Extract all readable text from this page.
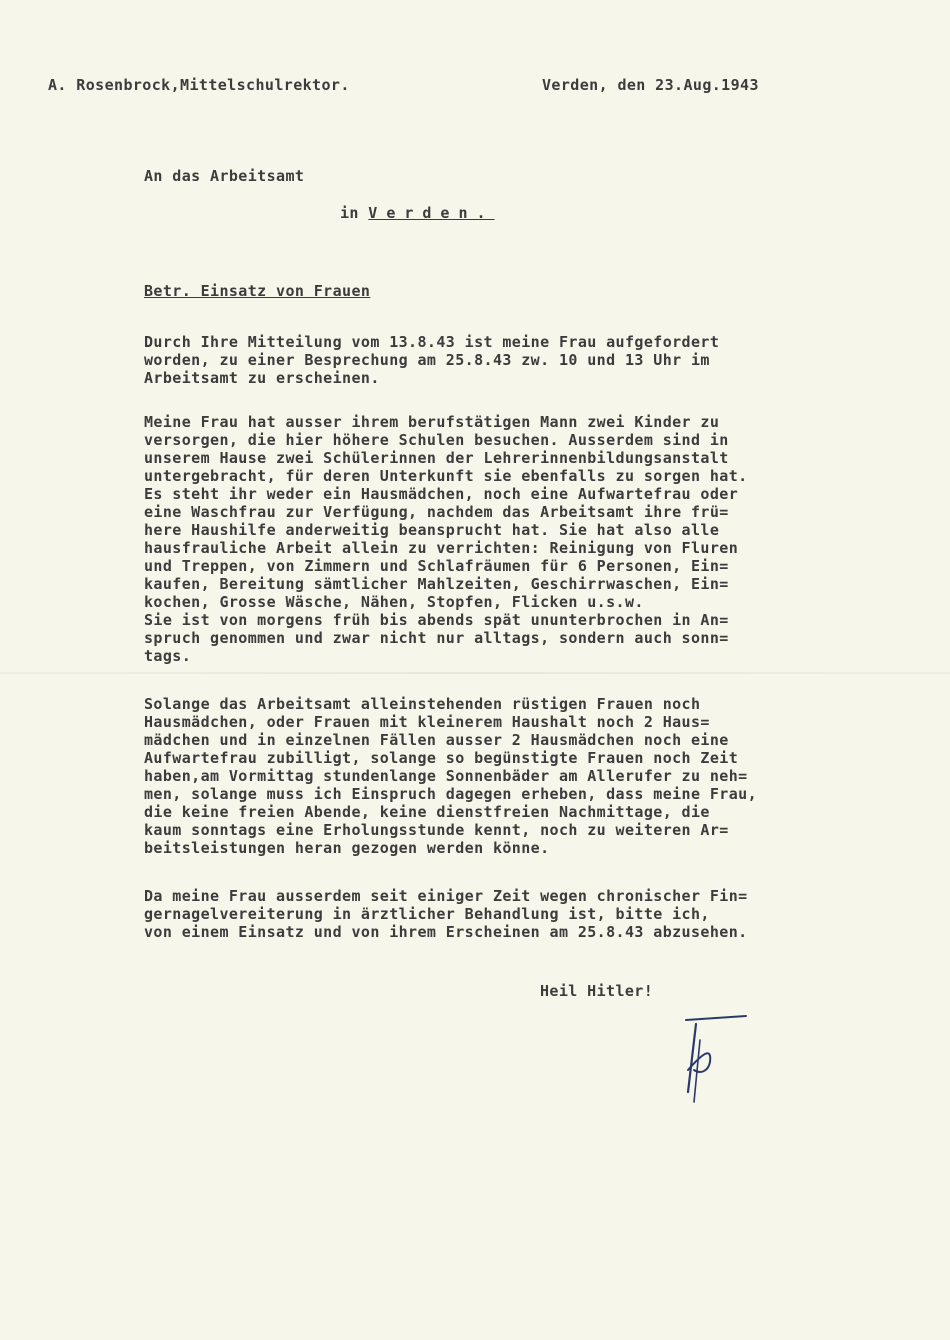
A. Rosenbrock,Mittelschulrektor.	Verden, den 23.Aug.1943
An das Arbeitsamt
in Verden.
Betr. Einsatz von Frauen
Durch Ihre Mitteilung vom 13.8.43 ist meine Frau aufgefordert
worden, zu einer Besprechung am 25.8.43 zw. 10 und 13 Uhr im
Arbeitsamt zu erscheinen.
Meine Frau hat ausser ihrem berufstätigen Mann zwei Kinder zu
versorgen, die hier höhere Schulen besuchen. Ausserdem sind in
unserem Hause zwei Schülerinnen der Lehrerinnenbildungsanstalt
untergebracht, für deren Unterkunft sie ebenfalls zu sorgen hat.
Es steht ihr weder ein Hausmädchen, noch eine Aufwartefrau oder
eine Waschfrau zur Verfügung, nachdem das Arbeitsamt ihre frü=
here Haushilfe anderweitig beansprucht hat. Sie hat also alle
hausfrauliche Arbeit allein zu verrichten: Reinigung von Fluren
und Treppen, von Zimmern und Schlafräumen für 6 Personen, Ein=
kaufen, Bereitung sämtlicher Mahlzeiten, Geschirrwaschen, Ein=
kochen, Grosse Wäsche, Nähen, Stopfen, Flicken u.s.w.
Sie ist von morgens früh bis abends spät ununterbrochen in An=
spruch genommen und zwar nicht nur alltags, sondern auch sonn=
tags.
Solange das Arbeitsamt alleinstehenden rüstigen Frauen noch
Hausmädchen, oder Frauen mit kleinerem Haushalt noch 2 Haus=
mädchen und in einzelnen Fällen ausser 2 Hausmädchen noch eine
Aufwartefrau zubilligt, solange so begünstigte Frauen noch Zeit
haben,am Vormittag stundenlange Sonnenbäder am Allerufer zu neh=
men, solange muss ich Einspruch dagegen erheben, dass meine Frau,
die keine freien Abende, keine dienstfreien Nachmittage, die
kaum sonntags eine Erholungsstunde kennt, noch zu weiteren Ar=
beitsleistungen heran gezogen werden könne.
Da meine Frau ausserdem seit einiger Zeit wegen chronischer Fin=
gernagelvereiterung in ärztlicher Behandlung ist, bitte ich,
von einem Einsatz und von ihrem Erscheinen am 25.8.43 abzusehen.
Heil Hitler!
